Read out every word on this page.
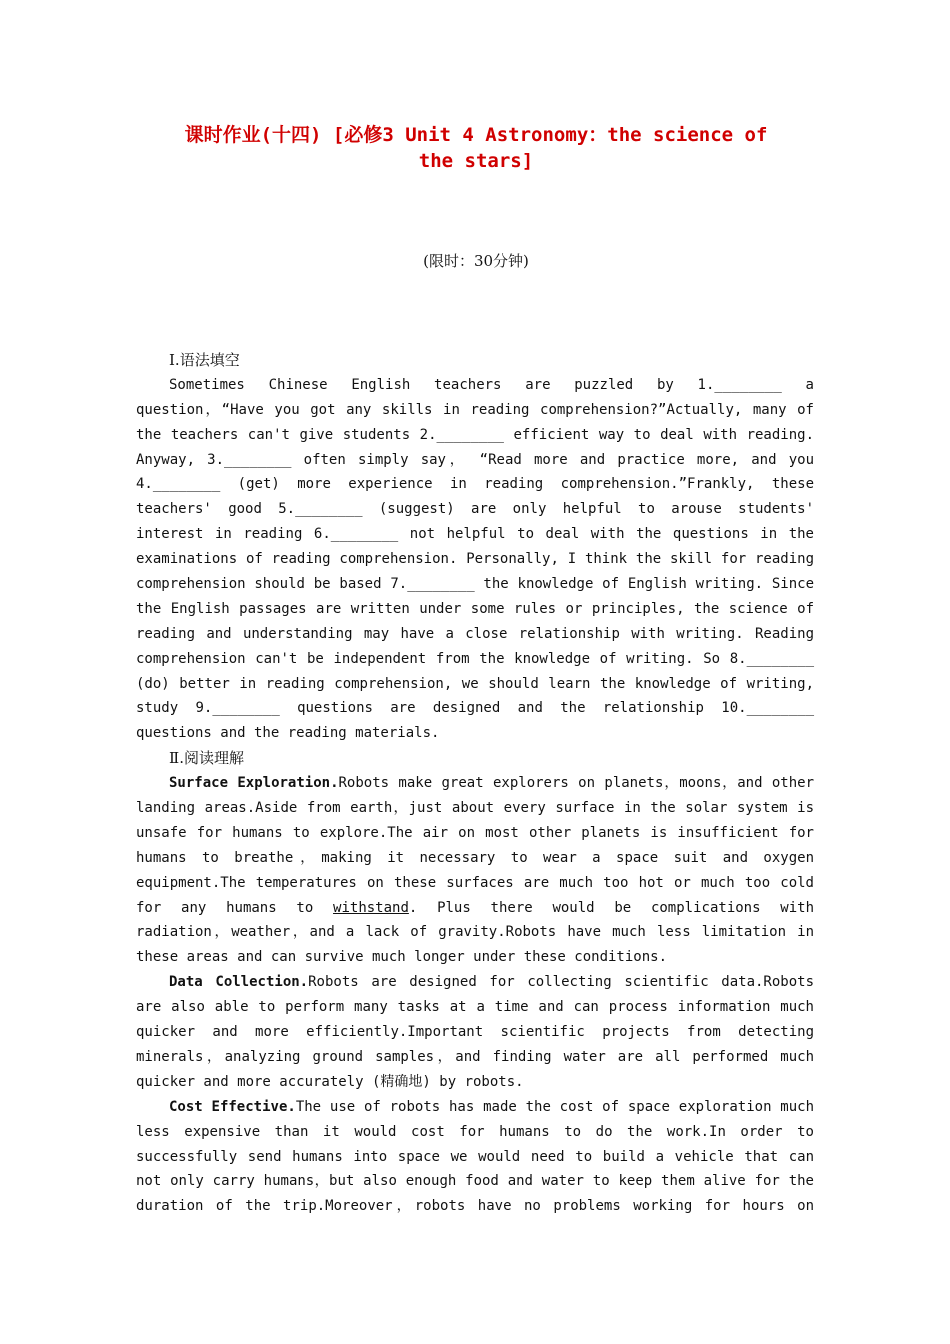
课时作业(十四) [必修3 Unit 4 Astronomy：the science of
the stars]
(限时：30分钟)
Ⅰ.语法填空
Sometimes Chinese English teachers are puzzled by 1.________ a
question，“Have you got any skills in reading comprehension?”Actually, many of
the teachers can't give students 2.________ efficient way to deal with reading.
Anyway, 3.________ often simply say， “Read more and practice more, and you
4.________ (get) more experience in reading comprehension.”Frankly, these
teachers' good 5.________ (suggest) are only helpful to arouse students'
interest in reading 6.________ not helpful to deal with the questions in the
examinations of reading comprehension. Personally, I think the skill for reading
comprehension should be based 7.________ the knowledge of English writing. Since
the English passages are written under some rules or principles, the science of
reading and understanding may have a close relationship with writing. Reading
comprehension can't be independent from the knowledge of writing. So 8.________
(do) better in reading comprehension, we should learn the knowledge of writing,
study 9.________ questions are designed and the relationship 10.________
questions and the reading materials.
Ⅱ.阅读理解
Surface Exploration.Robots make great explorers on planets，moons，and other
landing areas.Aside from earth，just about every surface in the solar system is
unsafe for humans to explore.The air on most other planets is insufficient for
humans to breathe，making it necessary to wear a space suit and oxygen
equipment.The temperatures on these surfaces are much too hot or much too cold
for any humans to withstand. Plus there would be complications with
radiation，weather，and a lack of gravity.Robots have much less limitation in
these areas and can survive much longer under these conditions.
Data Collection.Robots are designed for collecting scientific data.Robots
are also able to perform many tasks at a time and can process information much
quicker and more efficiently.Important scientific projects from detecting
minerals，analyzing ground samples，and finding water are all performed much
quicker and more accurately (精确地) by robots.
Cost Effective.The use of robots has made the cost of space exploration much
less expensive than it would cost for humans to do the work.In order to
successfully send humans into space we would need to build a vehicle that can
not only carry humans，but also enough food and water to keep them alive for the
duration of the trip.Moreover，robots have no problems working for hours on
